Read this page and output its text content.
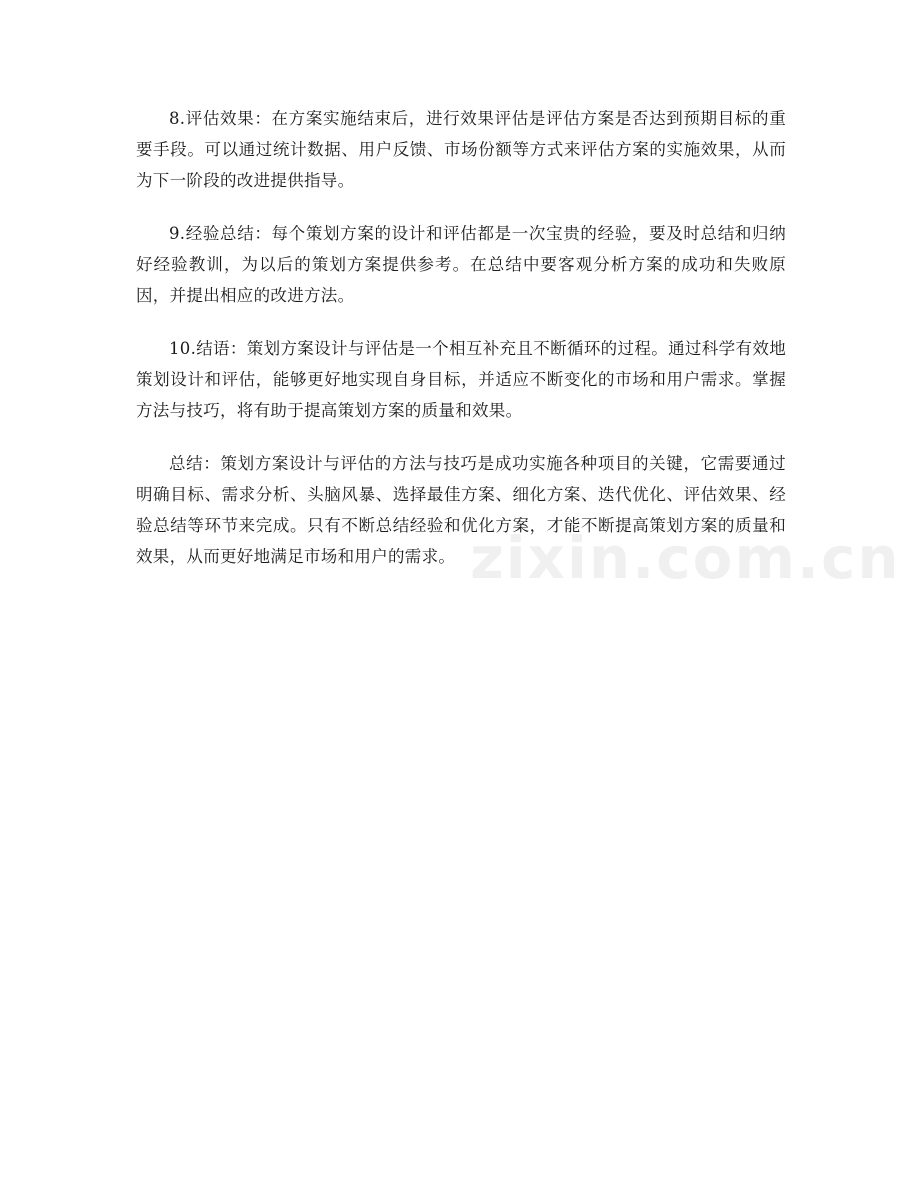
8.评估效果：在方案实施结束后，进行效果评估是评估方案是否达到预期目标的重要手段。可以通过统计数据、用户反馈、市场份额等方式来评估方案的实施效果，从而为下一阶段的改进提供指导。

9.经验总结：每个策划方案的设计和评估都是一次宝贵的经验，要及时总结和归纳好经验教训，为以后的策划方案提供参考。在总结中要客观分析方案的成功和失败原因，并提出相应的改进方法。

10.结语：策划方案设计与评估是一个相互补充且不断循环的过程。通过科学有效地策划设计和评估，能够更好地实现自身目标，并适应不断变化的市场和用户需求。掌握方法与技巧，将有助于提高策划方案的质量和效果。

总结：策划方案设计与评估的方法与技巧是成功实施各种项目的关键，它需要通过明确目标、需求分析、头脑风暴、选择最佳方案、细化方案、迭代优化、评估效果、经验总结等环节来完成。只有不断总结经验和优化方案，才能不断提高策划方案的质量和效果，从而更好地满足市场和用户的需求。 zixin.com.cn
